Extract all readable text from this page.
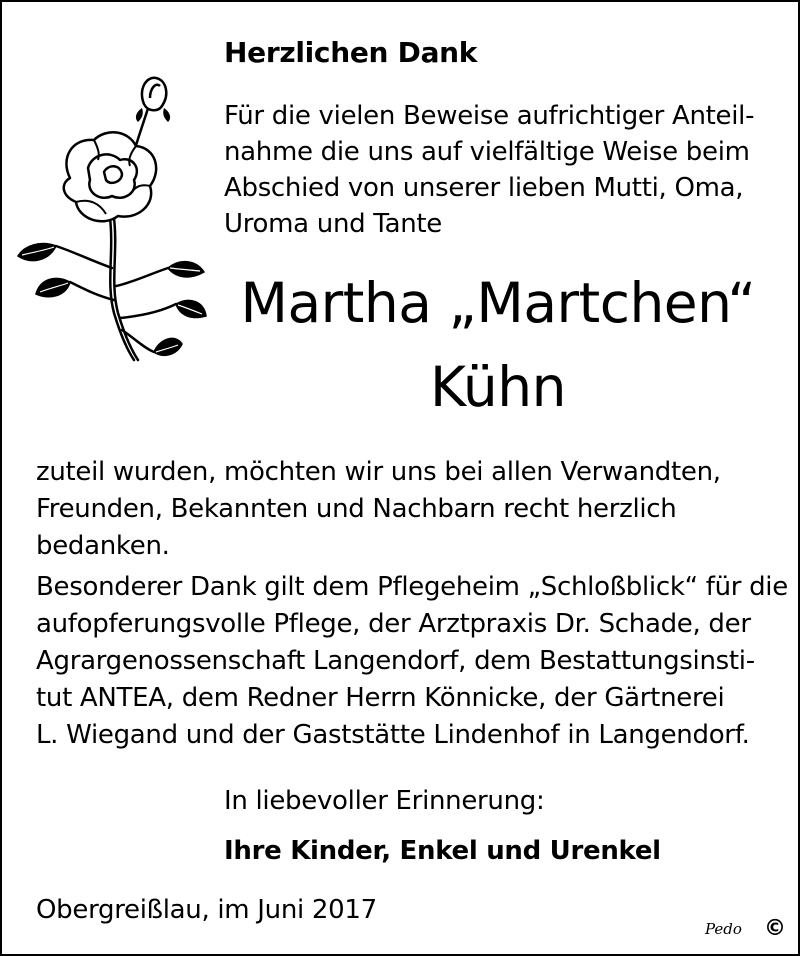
Herzlichen Dank
Für die vielen Beweise aufrichtiger Anteil-
nahme die uns auf vielfältige Weise beim
Abschied von unserer lieben Mutti, Oma,
Uroma und Tante
Martha „Martchen“
Kühn
zuteil wurden, möchten wir uns bei allen Verwandten,
Freunden, Bekannten und Nachbarn recht herzlich
bedanken.
Besonderer Dank gilt dem Pflegeheim „Schloßblick“ für die
aufopferungsvolle Pflege, der Arztpraxis Dr. Schade, der
Agrargenossenschaft Langendorf, dem Bestattungsinsti-
tut ANTEA, dem Redner Herrn Könnicke, der Gärtnerei
L. Wiegand und der Gaststätte Lindenhof in Langendorf.
In liebevoller Erinnerung:
Ihre Kinder, Enkel und Urenkel
Obergreißlau, im Juni 2017
Pedo ©
